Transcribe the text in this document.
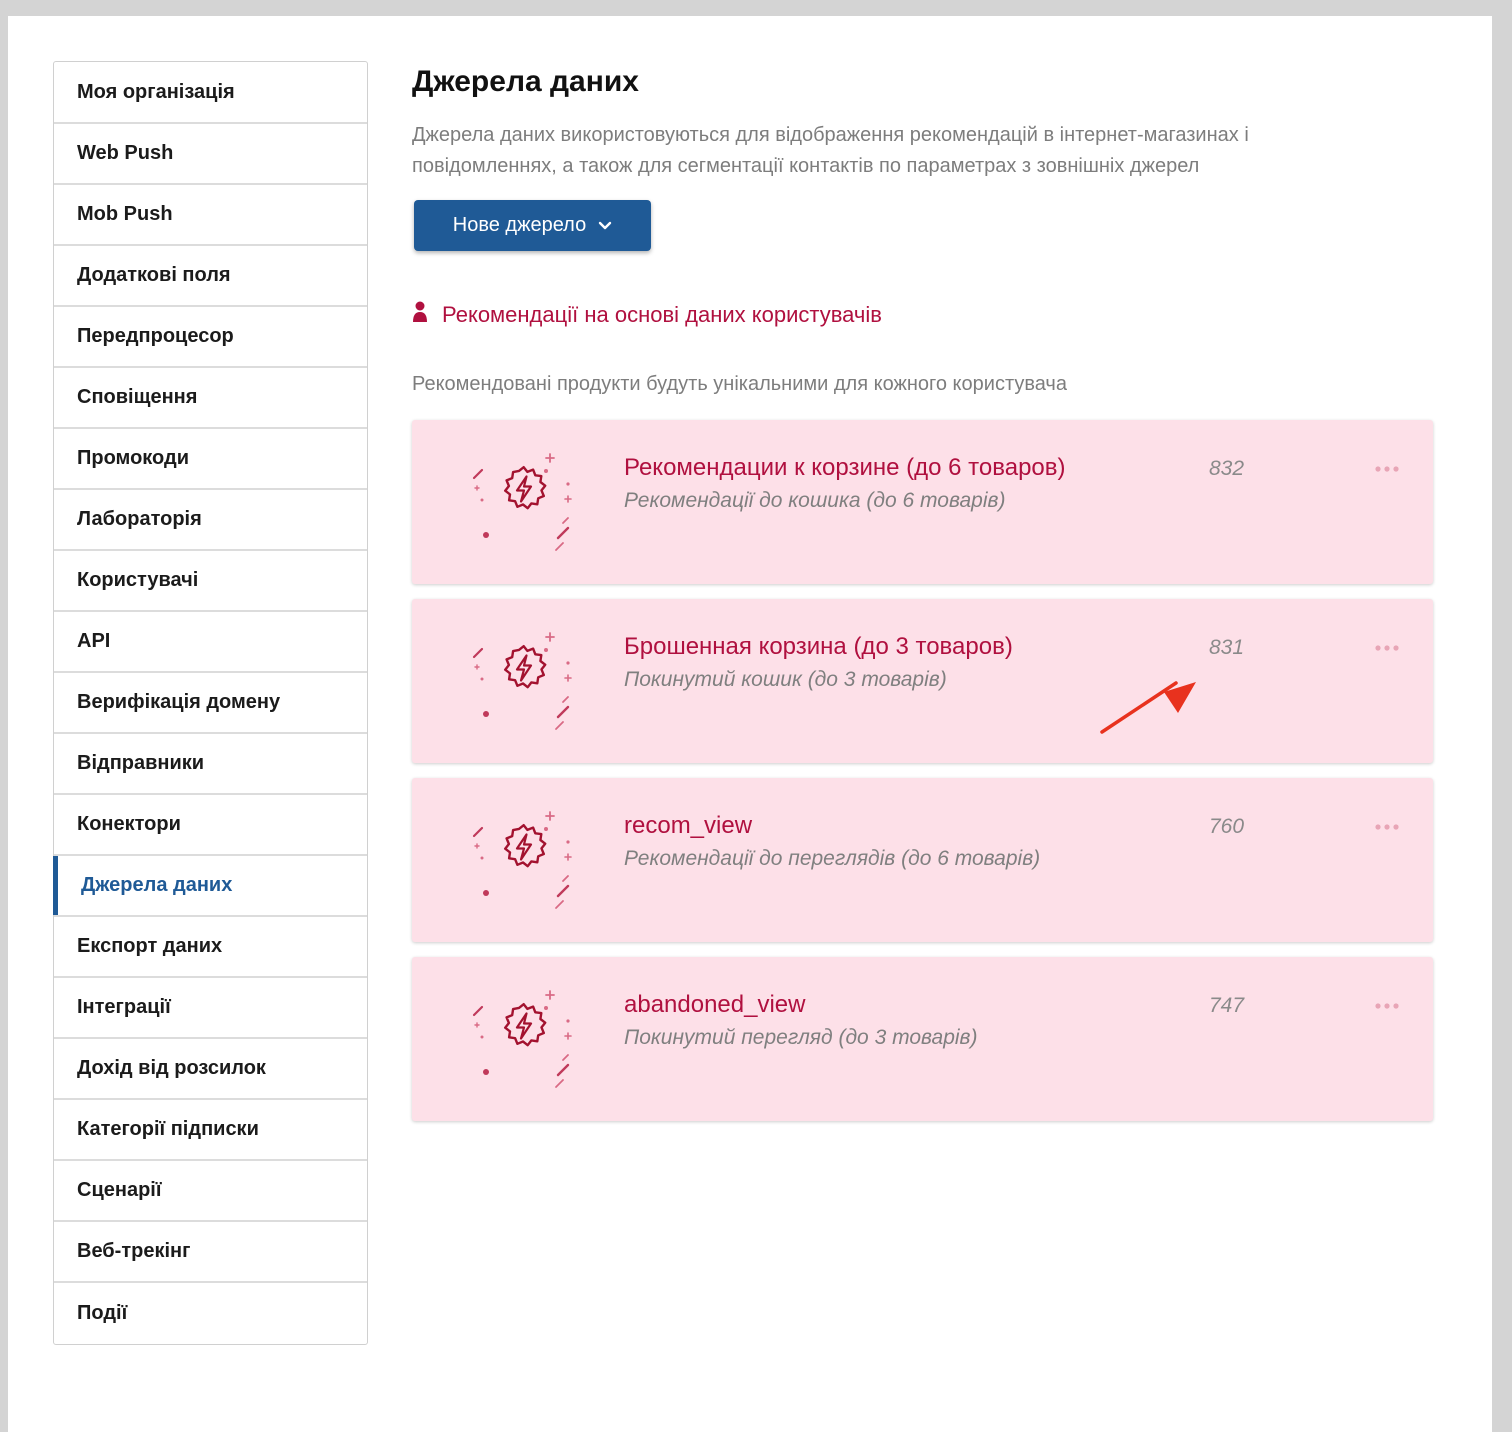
Моя організація
Web Push
Mob Push
Додаткові поля
Передпроцесор
Сповіщення
Промокоди
Лабораторія
Користувачі
API
Верифікація домену
Відправники
Конектори
Джерела даних
Експорт даних
Інтеграції
Дохід від розсилок
Категорії підписки
Сценарії
Веб-трекінг
Події
Джерела даних
Джерела даних використовуються для відображення рекомендацій в інтернет-магазинах і
повідомленнях, а також для сегментації контактів по параметрах з зовнішніх джерел
Нове джерело
Рекомендації на основі даних користувачів
Рекомендовані продукти будуть унікальними для кожного користувача
Рекомендации к корзине (до 6 товаров)
Рекомендації до кошика (до 6 товарів)
832
Брошенная корзина (до 3 товаров)
Покинутий кошик (до 3 товарів)
831
recom_view
Рекомендації до переглядів (до 6 товарів)
760
abandoned_view
Покинутий перегляд (до 3 товарів)
747
